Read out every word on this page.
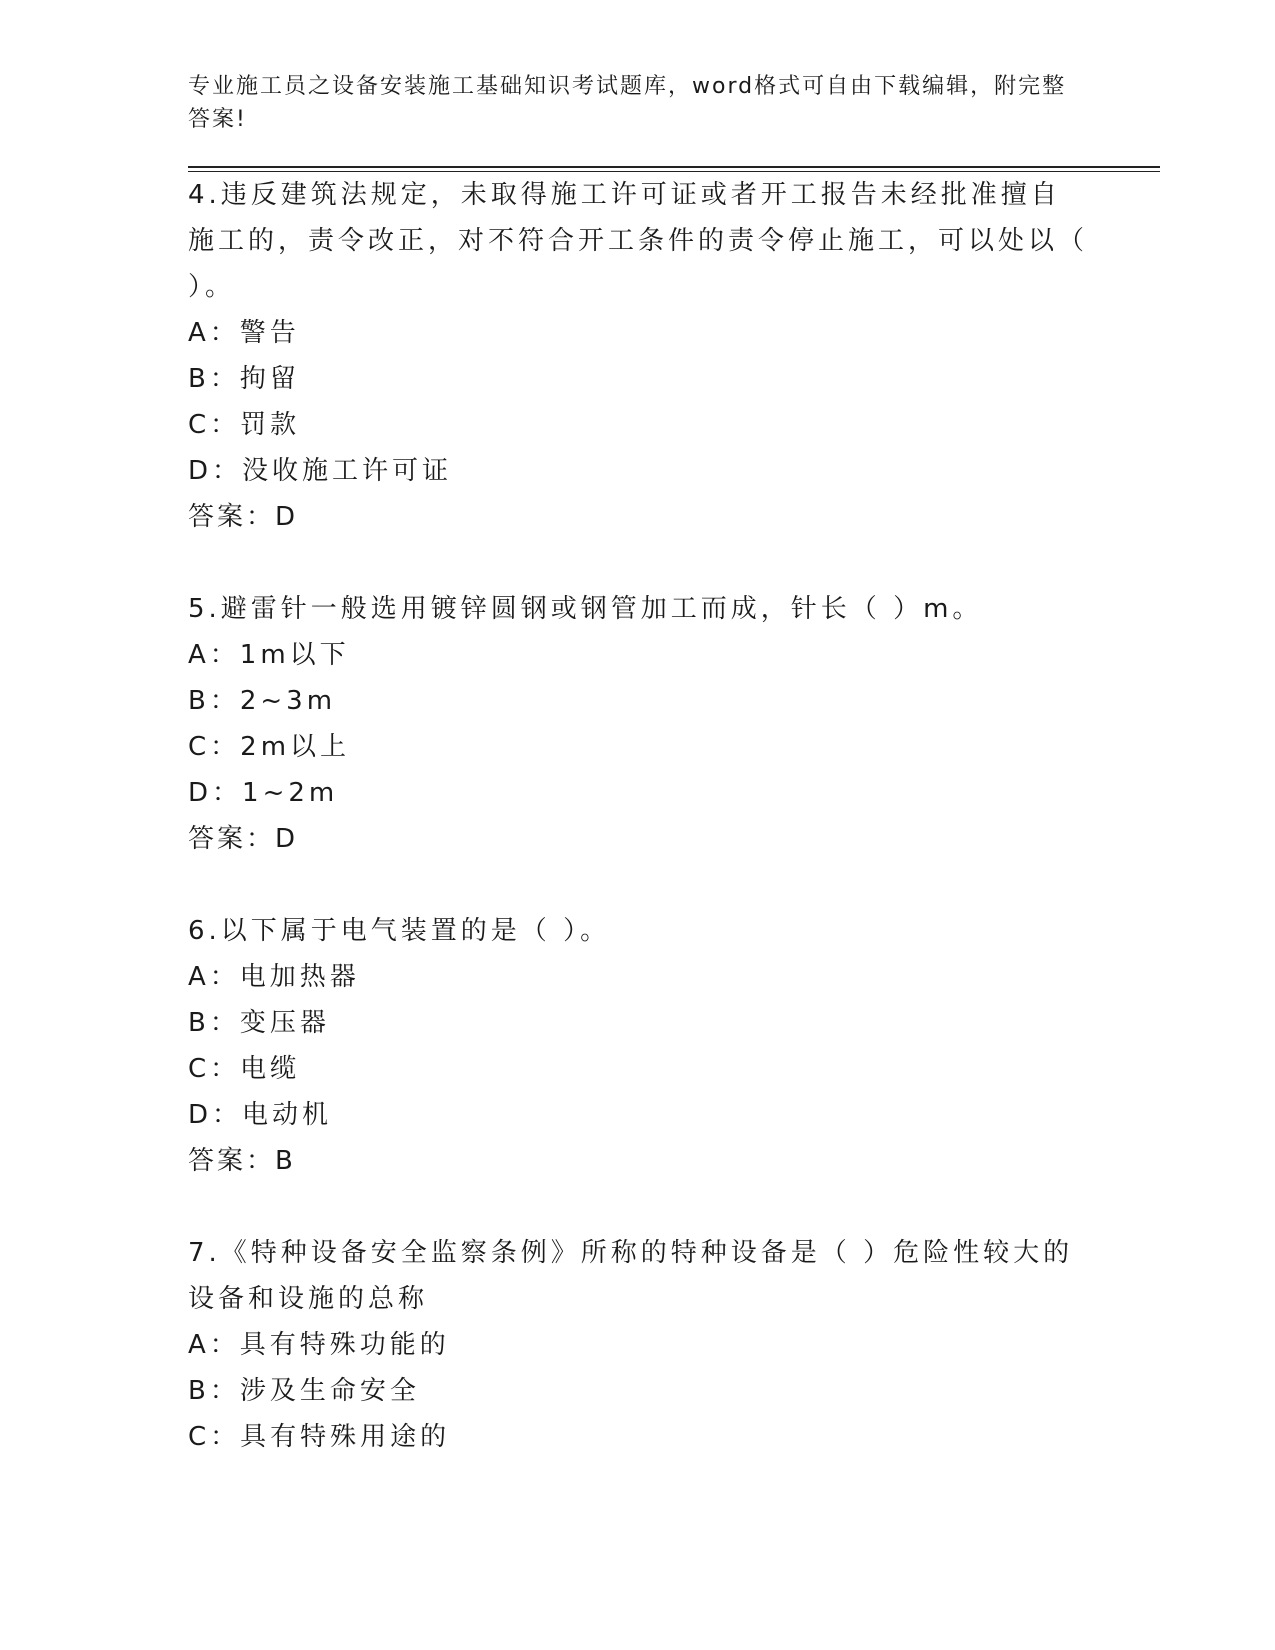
专业施工员之设备安装施工基础知识考试题库，word格式可自由下载编辑，附完整答案!

4.违反建筑法规定，未取得施工许可证或者开工报告未经批准擅自施工的，责令改正，对不符合开工条件的责令停止施工，可以处以（ ）。

A：警告

B：拘留

C：罚款

D：没收施工许可证

答案：D

5.避雷针一般选用镀锌圆钢或钢管加工而成，针长（ ）m。

A：1m以下

B：2~3m

C：2m以上

D：1~2m

答案：D

6.以下属于电气装置的是（ ）。

A：电加热器

B：变压器

C：电缆

D：电动机

答案：B

7.《特种设备安全监察条例》所称的特种设备是（ ）危险性较大的设备和设施的总称

A：具有特殊功能的

B：涉及生命安全

C：具有特殊用途的
